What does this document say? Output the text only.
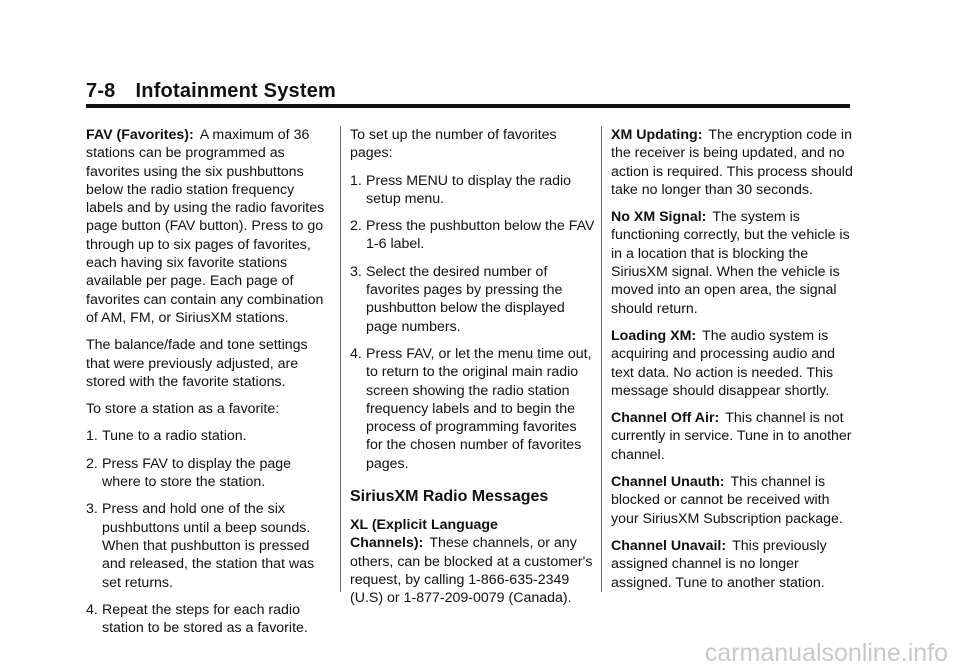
7-8 Infotainment System

FAV (Favorites): A maximum of 36 stations can be programmed as favorites using the six pushbuttons below the radio station frequency labels and by using the radio favorites page button (FAV button). Press to go through up to six pages of favorites, each having six favorite stations available per page. Each page of favorites can contain any combination of AM, FM, or SiriusXM stations.

The balance/fade and tone settings that were previously adjusted, are stored with the favorite stations.

To store a station as a favorite:

1. Tune to a radio station.
2. Press FAV to display the page where to store the station.
3. Press and hold one of the six pushbuttons until a beep sounds. When that pushbutton is pressed and released, the station that was set returns.
4. Repeat the steps for each radio station to be stored as a favorite.

To set up the number of favorites pages:

1. Press MENU to display the radio setup menu.
2. Press the pushbutton below the FAV 1-6 label.
3. Select the desired number of favorites pages by pressing the pushbutton below the displayed page numbers.
4. Press FAV, or let the menu time out, to return to the original main radio screen showing the radio station frequency labels and to begin the process of programming favorites for the chosen number of favorites pages.
SiriusXM Radio Messages

XL (Explicit Language Channels): These channels, or any others, can be blocked at a customer's request, by calling 1-866-635-2349 (U.S) or 1-877-209-0079 (Canada).

XM Updating: The encryption code in the receiver is being updated, and no action is required. This process should take no longer than 30 seconds.

No XM Signal: The system is functioning correctly, but the vehicle is in a location that is blocking the SiriusXM signal. When the vehicle is moved into an open area, the signal should return.

Loading XM: The audio system is acquiring and processing audio and text data. No action is needed. This message should disappear shortly.

Channel Off Air: This channel is not currently in service. Tune in to another channel.

Channel Unauth: This channel is blocked or cannot be received with your SiriusXM Subscription package.

Channel Unavail: This previously assigned channel is no longer assigned. Tune to another station.

carmanualsonline.info
